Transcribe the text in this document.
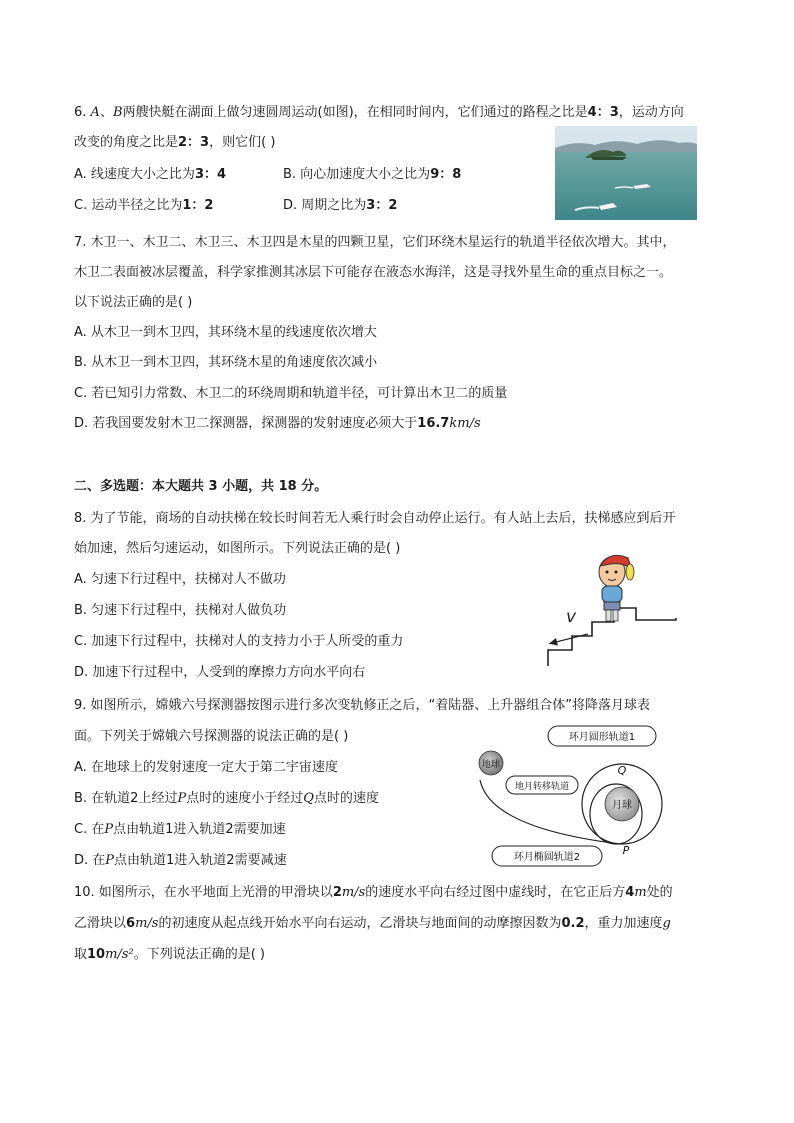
6. A、B两艘快艇在湖面上做匀速圆周运动(如图)，在相同时间内，它们通过的路程之比是4：3，运动方向
改变的角度之比是2：3，则它们( )
A. 线速度大小之比为3：4	B. 向心加速度大小之比为9：8
C. 运动半径之比为1：2	D. 周期之比为3：2
7. 木卫一、木卫二、木卫三、木卫四是木星的四颗卫星，它们环绕木星运行的轨道半径依次增大。其中，
木卫二表面被冰层覆盖，科学家推测其冰层下可能存在液态水海洋，这是寻找外星生命的重点目标之一。
以下说法正确的是( )
A. 从木卫一到木卫四，其环绕木星的线速度依次增大
B. 从木卫一到木卫四，其环绕木星的角速度依次减小
C. 若已知引力常数、木卫二的环绕周期和轨道半径，可计算出木卫二的质量
D. 若我国要发射木卫二探测器，探测器的发射速度必须大于16.7km/s
二、多选题：本大题共 3 小题，共 18 分。
8. 为了节能，商场的自动扶梯在较长时间若无人乘行时会自动停止运行。有人站上去后，扶梯感应到后开
始加速，然后匀速运动，如图所示。下列说法正确的是( )
A. 匀速下行过程中，扶梯对人不做功
B. 匀速下行过程中，扶梯对人做负功
C. 加速下行过程中，扶梯对人的支持力小于人所受的重力
D. 加速下行过程中，人受到的摩擦力方向水平向右
v
9. 如图所示，嫦娥六号探测器按图示进行多次变轨修正之后，“着陆器、上升器组合体”将降落月球表
面。下列关于嫦娥六号探测器的说法正确的是( )
A. 在地球上的发射速度一定大于第二宇宙速度
B. 在轨道2上经过P点时的速度小于经过Q点时的速度
C. 在P点由轨道1进入轨道2需要加速
D. 在P点由轨道1进入轨道2需要减速
月球
地球
环月圆形轨道1
地月转移轨道
环月椭圆轨道2
Q
P
10. 如图所示，在水平地面上光滑的甲滑块以2m/s的速度水平向右经过图中虚线时，在它正后方4m处的
乙滑块以6m/s的初速度从起点线开始水平向右运动，乙滑块与地面间的动摩擦因数为0.2，重力加速度g
取10m/s²。下列说法正确的是( )
